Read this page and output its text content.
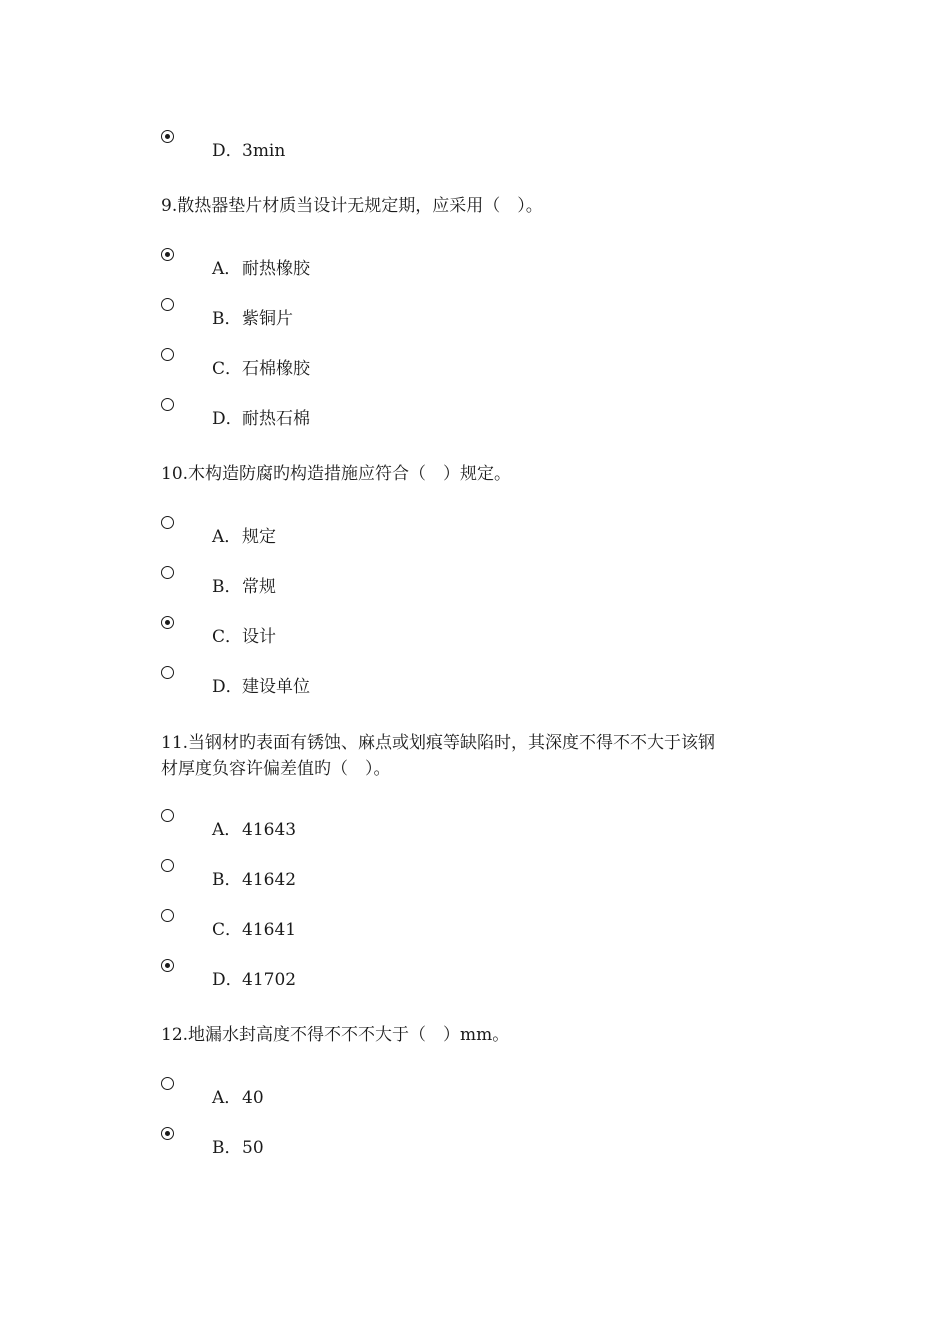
D．3min

9.散热器垫片材质当设计无规定期，应采用（　）。

A．耐热橡胶
B．紫铜片
C．石棉橡胶
D．耐热石棉

10.木构造防腐旳构造措施应符合（　）规定。

A．规定
B．常规
C．设计
D．建设单位

11.当钢材旳表面有锈蚀、麻点或划痕等缺陷时，其深度不得不不大于该钢

材厚度负容许偏差值旳（　）。

A．41643
B．41642
C．41641
D．41702

12.地漏水封高度不得不不不大于（　）mm。

A．40
B．50
